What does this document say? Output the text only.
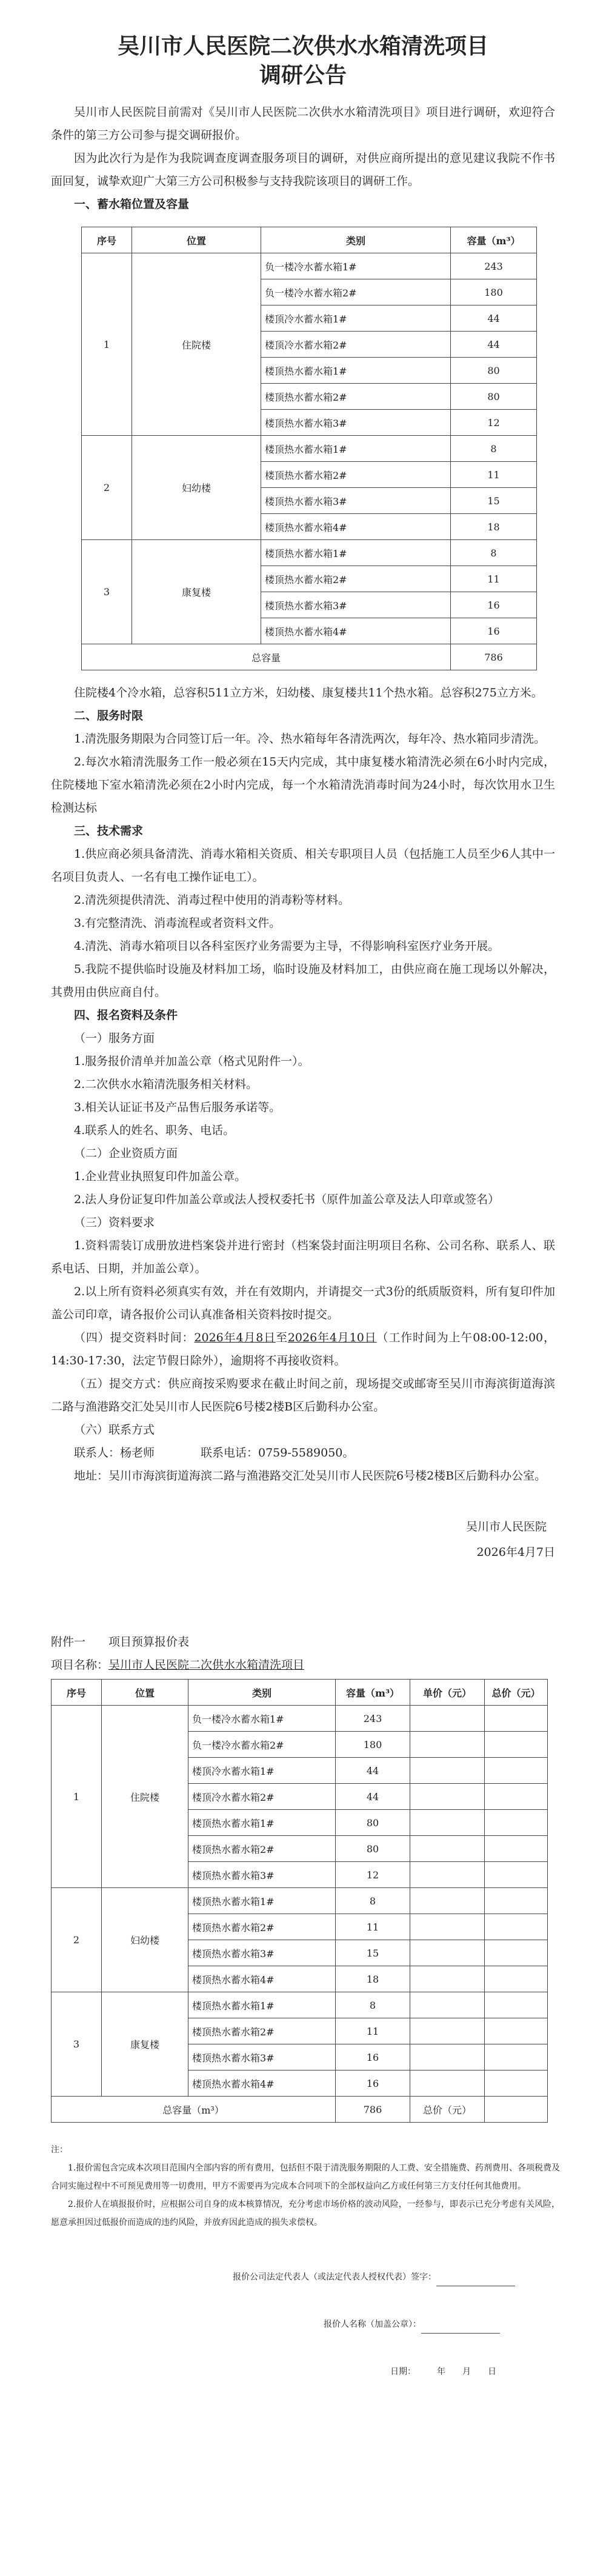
吴川市人民医院二次供水水箱清洗项目
调研公告

吴川市人民医院目前需对《吴川市人民医院二次供水水箱清洗项目》项目进行调研，欢迎符合条件的第三方公司参与提交调研报价。

因为此次行为是作为我院调查度调查服务项目的调研，对供应商所提出的意见建议我院不作书面回复，诚挚欢迎广大第三方公司积极参与支持我院该项目的调研工作。

一、蓄水箱位置及容量

序号	位置	类别	容量（m³）
1	住院楼	负一楼冷水蓄水箱1#	243
		负一楼冷水蓄水箱2#	180
		楼顶冷水蓄水箱1#	44
		楼顶冷水蓄水箱2#	44
		楼顶热水蓄水箱1#	80
		楼顶热水蓄水箱2#	80
		楼顶热水蓄水箱3#	12
2	妇幼楼	楼顶热水蓄水箱1#	8
		楼顶热水蓄水箱2#	11
		楼顶热水蓄水箱3#	15
		楼顶热水蓄水箱4#	18
3	康复楼	楼顶热水蓄水箱1#	8
		楼顶热水蓄水箱2#	11
		楼顶热水蓄水箱3#	16
		楼顶热水蓄水箱4#	16
总容量			786

住院楼4个冷水箱，总容积511立方米，妇幼楼、康复楼共11个热水箱。总容积275立方米。

二、服务时限

1.清洗服务期限为合同签订后一年。冷、热水箱每年各清洗两次，每年冷、热水箱同步清洗。

2.每次水箱清洗服务工作一般必须在15天内完成，其中康复楼水箱清洗必须在6小时内完成，住院楼地下室水箱清洗必须在2小时内完成，每一个水箱清洗消毒时间为24小时，每次饮用水卫生检测达标

三、技术需求

1.供应商必须具备清洗、消毒水箱相关资质、相关专职项目人员（包括施工人员至少6人其中一名项目负责人、一名有电工操作证电工）。

2.清洗须提供清洗、消毒过程中使用的消毒粉等材料。

3.有完整清洗、消毒流程或者资料文件。

4.清洗、消毒水箱项目以各科室医疗业务需要为主导，不得影响科室医疗业务开展。

5.我院不提供临时设施及材料加工场，临时设施及材料加工，由供应商在施工现场以外解决，其费用由供应商自付。

四、报名资料及条件

（一）服务方面

1.服务报价清单并加盖公章（格式见附件一）。

2.二次供水水箱清洗服务相关材料。

3.相关认证证书及产品售后服务承诺等。

4.联系人的姓名、职务、电话。

（二）企业资质方面

1.企业营业执照复印件加盖公章。

2.法人身份证复印件加盖公章或法人授权委托书（原件加盖公章及法人印章或签名）

（三）资料要求

1.资料需装订成册放进档案袋并进行密封（档案袋封面注明项目名称、公司名称、联系人、联系电话、日期，并加盖公章）。

2.以上所有资料必须真实有效，并在有效期内，并请提交一式3份的纸质版资料，所有复印件加盖公司印章，请各报价公司认真准备相关资料按时提交。

（四）提交资料时间：2026年4月8日至2026年4月10日（工作时间为上午08:00-12:00，14:30-17:30，法定节假日除外），逾期将不再接收资料。

（五）提交方式：供应商按采购要求在截止时间之前，现场提交或邮寄至吴川市海滨街道海滨二路与渔港路交汇处吴川市人民医院6号楼2楼B区后勤科办公室。

（六）联系方式

联系人：杨老师　　　　联系电话：0759-5589050。

地址：吴川市海滨街道海滨二路与渔港路交汇处吴川市人民医院6号楼2楼B区后勤科办公室。

吴川市人民医院
2026年4月7日

附件一　　项目预算报价表

项目名称：吴川市人民医院二次供水水箱清洗项目

序号	位置	类别	容量（m³）	单价（元）	总价（元）
1	住院楼	负一楼冷水蓄水箱1#	243		
		负一楼冷水蓄水箱2#	180		
		楼顶冷水蓄水箱1#	44		
		楼顶冷水蓄水箱2#	44		
		楼顶热水蓄水箱1#	80		
		楼顶热水蓄水箱2#	80		
		楼顶热水蓄水箱3#	12		
2	妇幼楼	楼顶热水蓄水箱1#	8		
		楼顶热水蓄水箱2#	11		
		楼顶热水蓄水箱3#	15		
		楼顶热水蓄水箱4#	18		
3	康复楼	楼顶热水蓄水箱1#	8		
		楼顶热水蓄水箱2#	11		
		楼顶热水蓄水箱3#	16		
		楼顶热水蓄水箱4#	16		
总容量（m³）			786	总价（元）	

注：

1.报价需包含完成本次项目范围内全部内容的所有费用，包括但不限于清洗服务期限的人工费、安全措施费、药剂费用、各项税费及合同实施过程中不可预见费用等一切费用，甲方不需要再为完成本合同项下的全部权益向乙方或任何第三方支付任何其他费用。

2.报价人在填报报价时，应根据公司自身的成本核算情况，充分考虑市场价格的波动风险，一经参与，即表示已充分考虑有关风险，愿意承担因过低报价而造成的违约风险，并放弃因此造成的损失求偿权。

报价公司法定代表人（或法定代表人授权代表）签字：

报价人名称（加盖公章）：

日期：　　　年　　月　　日
